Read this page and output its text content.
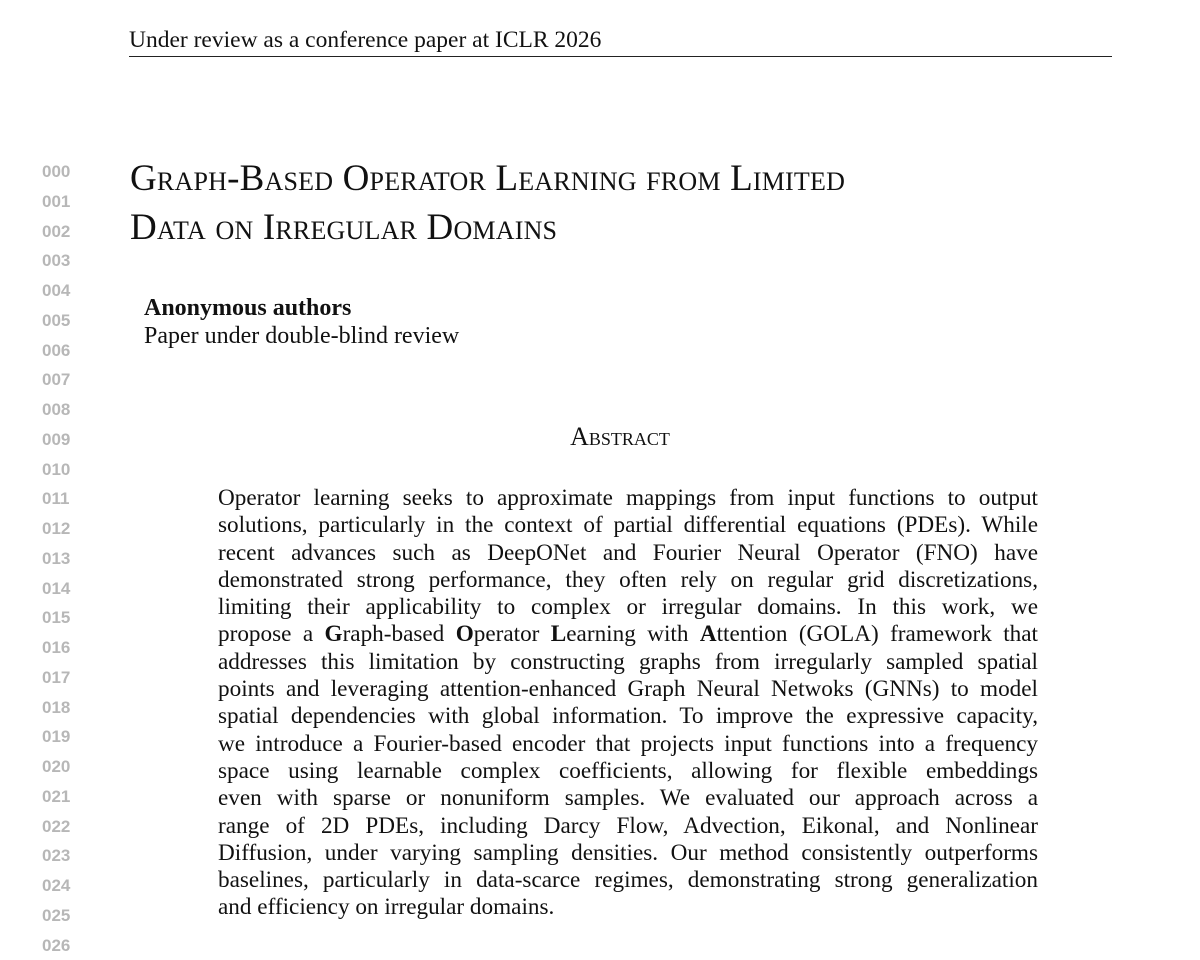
Under review as a conference paper at ICLR 2026
000
001
002
003
004
005
006
007
008
009
010
011
012
013
014
015
016
017
018
019
020
021
022
023
024
025
026
Graph-Based Operator Learning from Limited
Data on Irregular Domains
Anonymous authors
Paper under double-blind review
Abstract
Operator learning seeks to approximate mappings from input functions to output
solutions, particularly in the context of partial differential equations (PDEs). While
recent advances such as DeepONet and Fourier Neural Operator (FNO) have
demonstrated strong performance, they often rely on regular grid discretizations,
limiting their applicability to complex or irregular domains. In this work, we
propose a Graph-based Operator Learning with Attention (GOLA) framework that
addresses this limitation by constructing graphs from irregularly sampled spatial
points and leveraging attention-enhanced Graph Neural Netwoks (GNNs) to model
spatial dependencies with global information. To improve the expressive capacity,
we introduce a Fourier-based encoder that projects input functions into a frequency
space using learnable complex coefficients, allowing for flexible embeddings
even with sparse or nonuniform samples. We evaluated our approach across a
range of 2D PDEs, including Darcy Flow, Advection, Eikonal, and Nonlinear
Diffusion, under varying sampling densities. Our method consistently outperforms
baselines, particularly in data-scarce regimes, demonstrating strong generalization
and efficiency on irregular domains.
